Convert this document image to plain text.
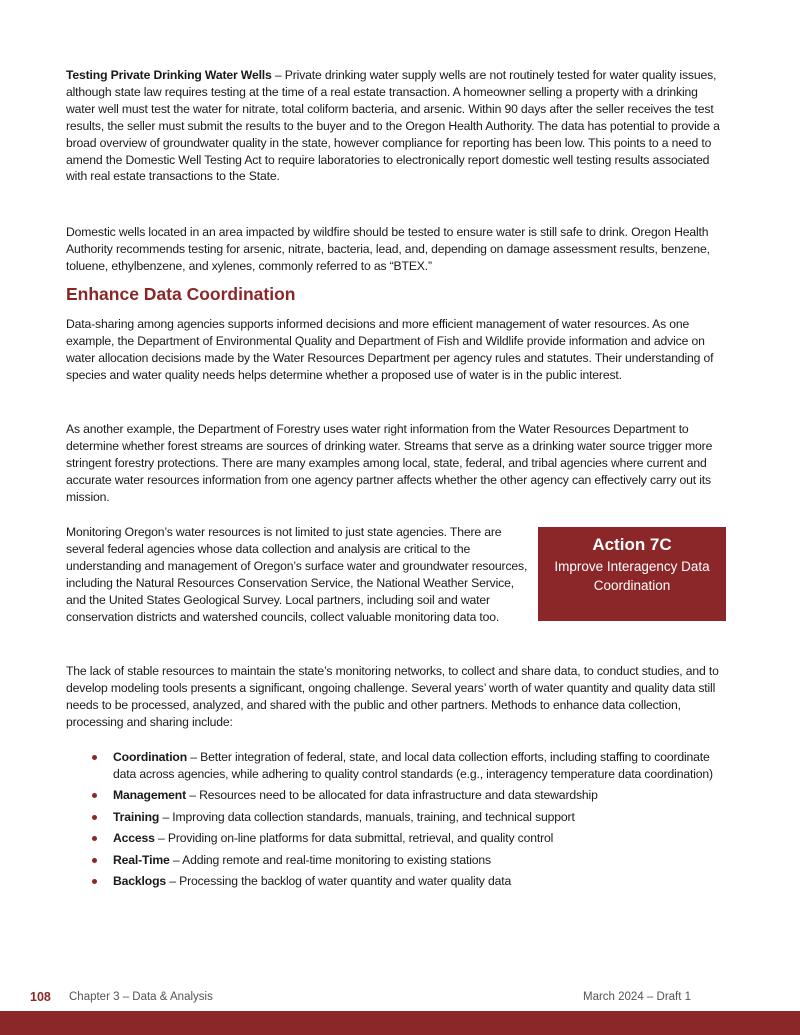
Testing Private Drinking Water Wells – Private drinking water supply wells are not routinely tested for water quality issues, although state law requires testing at the time of a real estate transaction. A homeowner selling a property with a drinking water well must test the water for nitrate, total coliform bacteria, and arsenic. Within 90 days after the seller receives the test results, the seller must submit the results to the buyer and to the Oregon Health Authority. The data has potential to provide a broad overview of groundwater quality in the state, however compliance for reporting has been low. This points to a need to amend the Domestic Well Testing Act to require laboratories to electronically report domestic well testing results associated with real estate transactions to the State.

Domestic wells located in an area impacted by wildfire should be tested to ensure water is still safe to drink. Oregon Health Authority recommends testing for arsenic, nitrate, bacteria, lead, and, depending on damage assessment results, benzene, toluene, ethylbenzene, and xylenes, commonly referred to as “BTEX.”

Enhance Data Coordination

Data-sharing among agencies supports informed decisions and more efficient management of water resources. As one example, the Department of Environmental Quality and Department of Fish and Wildlife provide information and advice on water allocation decisions made by the Water Resources Department per agency rules and statutes. Their understanding of species and water quality needs helps determine whether a proposed use of water is in the public interest.

As another example, the Department of Forestry uses water right information from the Water Resources Department to determine whether forest streams are sources of drinking water. Streams that serve as a drinking water source trigger more stringent forestry protections. There are many examples among local, state, federal, and tribal agencies where current and accurate water resources information from one agency partner affects whether the other agency can effectively carry out its mission.

Monitoring Oregon’s water resources is not limited to just state agencies. There are several federal agencies whose data collection and analysis are critical to the understanding and management of Oregon’s surface water and groundwater resources, including the Natural Resources Conservation Service, the National Weather Service, and the United States Geological Survey. Local partners, including soil and water conservation districts and watershed councils, collect valuable monitoring data too.

Action 7C
Improve Interagency Data Coordination

The lack of stable resources to maintain the state’s monitoring networks, to collect and share data, to conduct studies, and to develop modeling tools presents a significant, ongoing challenge. Several years’ worth of water quantity and quality data still needs to be processed, analyzed, and shared with the public and other partners. Methods to enhance data collection, processing and sharing include:

Coordination – Better integration of federal, state, and local data collection efforts, including staffing to coordinate data across agencies, while adhering to quality control standards (e.g., interagency temperature data coordination)
Management – Resources need to be allocated for data infrastructure and data stewardship
Training – Improving data collection standards, manuals, training, and technical support
Access – Providing on-line platforms for data submittal, retrieval, and quality control
Real-Time – Adding remote and real-time monitoring to existing stations
Backlogs – Processing the backlog of water quantity and water quality data
108 Chapter 3 – Data & Analysis	March 2024 – Draft 1
